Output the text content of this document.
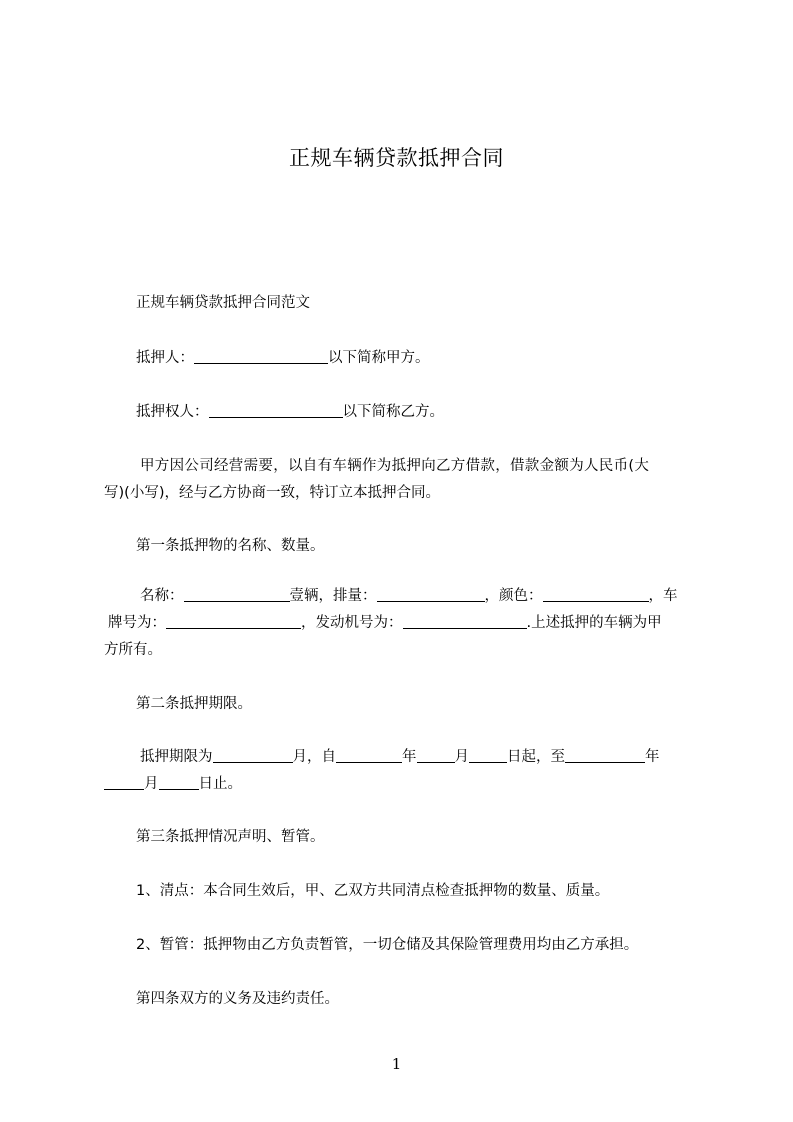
正规车辆贷款抵押合同
正规车辆贷款抵押合同范文
抵押人：	以下简称甲方。
抵押权人：	以下简称乙方。
甲方因公司经营需要，以自有车辆作为抵押向乙方借款，借款金额为人民币(大
写)(小写)，经与乙方协商一致，特订立本抵押合同。
第一条抵押物的名称、数量。
名称：	壹辆，排量：	，颜色：	，车
牌号为：	，发动机号为：	.上述抵押的车辆为甲
方所有。
第二条抵押期限。
抵押期限为	月，自	年	月	日起，至	年
月	日止。
第三条抵押情况声明、暂管。
1、清点：本合同生效后，甲、乙双方共同清点检查抵押物的数量、质量。
2、暂管：抵押物由乙方负责暂管，一切仓储及其保险管理费用均由乙方承担。
第四条双方的义务及违约责任。
1
